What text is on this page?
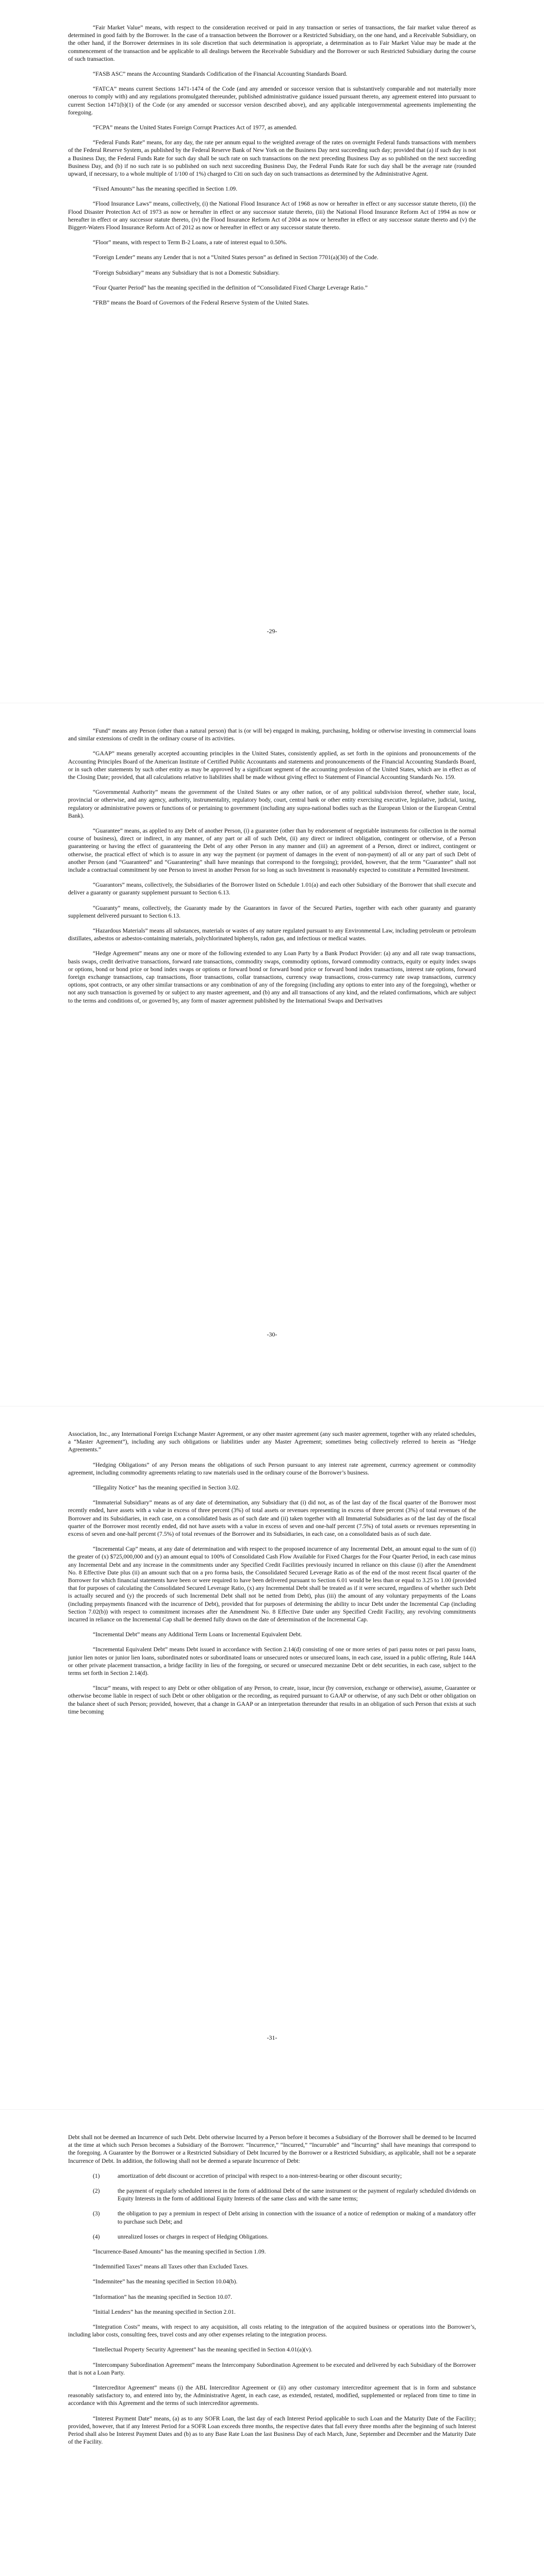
“Fair Market Value” means, with respect to the consideration received or paid in any transaction or series of transactions, the fair market value thereof as determined in good faith by the Borrower. In the case of a transaction between the Borrower or a Restricted Subsidiary, on the one hand, and a Receivable Subsidiary, on the other hand, if the Borrower determines in its sole discretion that such determination is appropriate, a determination as to Fair Market Value may be made at the commencement of the transaction and be applicable to all dealings between the Receivable Subsidiary and the Borrower or such Restricted Subsidiary during the course of such transaction.

“FASB ASC” means the Accounting Standards Codification of the Financial Accounting Standards Board.

“FATCA” means current Sections 1471-1474 of the Code (and any amended or successor version that is substantively comparable and not materially more onerous to comply with) and any regulations promulgated thereunder, published administrative guidance issued pursuant thereto, any agreement entered into pursuant to current Section 1471(b)(1) of the Code (or any amended or successor version described above), and any applicable intergovernmental agreements implementing the foregoing.

“FCPA” means the United States Foreign Corrupt Practices Act of 1977, as amended.

“Federal Funds Rate” means, for any day, the rate per annum equal to the weighted average of the rates on overnight Federal funds transactions with members of the Federal Reserve System, as published by the Federal Reserve Bank of New York on the Business Day next succeeding such day; provided that (a) if such day is not a Business Day, the Federal Funds Rate for such day shall be such rate on such transactions on the next preceding Business Day as so published on the next succeeding Business Day, and (b) if no such rate is so published on such next succeeding Business Day, the Federal Funds Rate for such day shall be the average rate (rounded upward, if necessary, to a whole multiple of 1/100 of 1%) charged to Citi on such day on such transactions as determined by the Administrative Agent.

“Fixed Amounts” has the meaning specified in Section 1.09.

“Flood Insurance Laws” means, collectively, (i) the National Flood Insurance Act of 1968 as now or hereafter in effect or any successor statute thereto, (ii) the Flood Disaster Protection Act of 1973 as now or hereafter in effect or any successor statute thereto, (iii) the National Flood Insurance Reform Act of 1994 as now or hereafter in effect or any successor statute thereto, (iv) the Flood Insurance Reform Act of 2004 as now or hereafter in effect or any successor statute thereto and (v) the Biggert-Waters Flood Insurance Reform Act of 2012 as now or hereafter in effect or any successor statute thereto.

“Floor” means, with respect to Term B-2 Loans, a rate of interest equal to 0.50%.

“Foreign Lender” means any Lender that is not a “United States person” as defined in Section 7701(a)(30) of the Code.

“Foreign Subsidiary” means any Subsidiary that is not a Domestic Subsidiary.

“Four Quarter Period” has the meaning specified in the definition of “Consolidated Fixed Charge Leverage Ratio.”

“FRB” means the Board of Governors of the Federal Reserve System of the United States.

-29-

“Fund” means any Person (other than a natural person) that is (or will be) engaged in making, purchasing, holding or otherwise investing in commercial loans and similar extensions of credit in the ordinary course of its activities.

“GAAP” means generally accepted accounting principles in the United States, consistently applied, as set forth in the opinions and pronouncements of the Accounting Principles Board of the American Institute of Certified Public Accountants and statements and pronouncements of the Financial Accounting Standards Board, or in such other statements by such other entity as may be approved by a significant segment of the accounting profession of the United States, which are in effect as of the Closing Date; provided, that all calculations relative to liabilities shall be made without giving effect to Statement of Financial Accounting Standards No. 159.

“Governmental Authority” means the government of the United States or any other nation, or of any political subdivision thereof, whether state, local, provincial or otherwise, and any agency, authority, instrumentality, regulatory body, court, central bank or other entity exercising executive, legislative, judicial, taxing, regulatory or administrative powers or functions of or pertaining to government (including any supra-national bodies such as the European Union or the European Central Bank).

“Guarantee” means, as applied to any Debt of another Person, (i) a guarantee (other than by endorsement of negotiable instruments for collection in the normal course of business), direct or indirect, in any manner, of any part or all of such Debt, (ii) any direct or indirect obligation, contingent or otherwise, of a Person guaranteeing or having the effect of guaranteeing the Debt of any other Person in any manner and (iii) an agreement of a Person, direct or indirect, contingent or otherwise, the practical effect of which is to assure in any way the payment (or payment of damages in the event of non-payment) of all or any part of such Debt of another Person (and “Guaranteed” and “Guaranteeing” shall have meanings that correspond to the foregoing); provided, however, that the term “Guarantee” shall not include a contractual commitment by one Person to invest in another Person for so long as such Investment is reasonably expected to constitute a Permitted Investment.

“Guarantors” means, collectively, the Subsidiaries of the Borrower listed on Schedule 1.01(a) and each other Subsidiary of the Borrower that shall execute and deliver a guaranty or guaranty supplement pursuant to Section 6.13.

“Guaranty” means, collectively, the Guaranty made by the Guarantors in favor of the Secured Parties, together with each other guaranty and guaranty supplement delivered pursuant to Section 6.13.

“Hazardous Materials” means all substances, materials or wastes of any nature regulated pursuant to any Environmental Law, including petroleum or petroleum distillates, asbestos or asbestos-containing materials, polychlorinated biphenyls, radon gas, and infectious or medical wastes.

“Hedge Agreement” means any one or more of the following extended to any Loan Party by a Bank Product Provider: (a) any and all rate swap transactions, basis swaps, credit derivative transactions, forward rate transactions, commodity swaps, commodity options, forward commodity contracts, equity or equity index swaps or options, bond or bond price or bond index swaps or options or forward bond or forward bond price or forward bond index transactions, interest rate options, forward foreign exchange transactions, cap transactions, floor transactions, collar transactions, currency swap transactions, cross-currency rate swap transactions, currency options, spot contracts, or any other similar transactions or any combination of any of the foregoing (including any options to enter into any of the foregoing), whether or not any such transaction is governed by or subject to any master agreement, and (b) any and all transactions of any kind, and the related confirmations, which are subject to the terms and conditions of, or governed by, any form of master agreement published by the International Swaps and Derivatives

-30-

Association, Inc., any International Foreign Exchange Master Agreement, or any other master agreement (any such master agreement, together with any related schedules, a “Master Agreement”), including any such obligations or liabilities under any Master Agreement; sometimes being collectively referred to herein as “Hedge Agreements.”

“Hedging Obligations” of any Person means the obligations of such Person pursuant to any interest rate agreement, currency agreement or commodity agreement, including commodity agreements relating to raw materials used in the ordinary course of the Borrower’s business.

“Illegality Notice” has the meaning specified in Section 3.02.

“Immaterial Subsidiary” means as of any date of determination, any Subsidiary that (i) did not, as of the last day of the fiscal quarter of the Borrower most recently ended, have assets with a value in excess of three percent (3%) of total assets or revenues representing in excess of three percent (3%) of total revenues of the Borrower and its Subsidiaries, in each case, on a consolidated basis as of such date and (ii) taken together with all Immaterial Subsidiaries as of the last day of the fiscal quarter of the Borrower most recently ended, did not have assets with a value in excess of seven and one-half percent (7.5%) of total assets or revenues representing in excess of seven and one-half percent (7.5%) of total revenues of the Borrower and its Subsidiaries, in each case, on a consolidated basis as of such date.

“Incremental Cap” means, at any date of determination and with respect to the proposed incurrence of any Incremental Debt, an amount equal to the sum of (i) the greater of (x) $725,000,000 and (y) an amount equal to 100% of Consolidated Cash Flow Available for Fixed Charges for the Four Quarter Period, in each case minus any Incremental Debt and any increase in the commitments under any Specified Credit Facilities previously incurred in reliance on this clause (i) after the Amendment No. 8 Effective Date plus (ii) an amount such that on a pro forma basis, the Consolidated Secured Leverage Ratio as of the end of the most recent fiscal quarter of the Borrower for which financial statements have been or were required to have been delivered pursuant to Section 6.01 would be less than or equal to 3.25 to 1.00 (provided that for purposes of calculating the Consolidated Secured Leverage Ratio, (x) any Incremental Debt shall be treated as if it were secured, regardless of whether such Debt is actually secured and (y) the proceeds of such Incremental Debt shall not be netted from Debt), plus (iii) the amount of any voluntary prepayments of the Loans (including prepayments financed with the incurrence of Debt), provided that for purposes of determining the ability to incur Debt under the Incremental Cap (including Section 7.02(b)) with respect to commitment increases after the Amendment No. 8 Effective Date under any Specified Credit Facility, any revolving commitments incurred in reliance on the Incremental Cap shall be deemed fully drawn on the date of determination of the Incremental Cap.

“Incremental Debt” means any Additional Term Loans or Incremental Equivalent Debt.

“Incremental Equivalent Debt” means Debt issued in accordance with Section 2.14(d) consisting of one or more series of pari passu notes or pari passu loans, junior lien notes or junior lien loans, subordinated notes or subordinated loans or unsecured notes or unsecured loans, in each case, issued in a public offering, Rule 144A or other private placement transaction, a bridge facility in lieu of the foregoing, or secured or unsecured mezzanine Debt or debt securities, in each case, subject to the terms set forth in Section 2.14(d).

“Incur” means, with respect to any Debt or other obligation of any Person, to create, issue, incur (by conversion, exchange or otherwise), assume, Guarantee or otherwise become liable in respect of such Debt or other obligation or the recording, as required pursuant to GAAP or otherwise, of any such Debt or other obligation on the balance sheet of such Person; provided, however, that a change in GAAP or an interpretation thereunder that results in an obligation of such Person that exists at such time becoming

-31-

Debt shall not be deemed an Incurrence of such Debt. Debt otherwise Incurred by a Person before it becomes a Subsidiary of the Borrower shall be deemed to be Incurred at the time at which such Person becomes a Subsidiary of the Borrower. “Incurrence,” “Incurred,” “Incurrable” and “Incurring” shall have meanings that correspond to the foregoing. A Guarantee by the Borrower or a Restricted Subsidiary of Debt Incurred by the Borrower or a Restricted Subsidiary, as applicable, shall not be a separate Incurrence of Debt. In addition, the following shall not be deemed a separate Incurrence of Debt:

(1)	amortization of debt discount or accretion of principal with respect to a non-interest-bearing or other discount security;

(2)	the payment of regularly scheduled interest in the form of additional Debt of the same instrument or the payment of regularly scheduled dividends on Equity Interests in the form of additional Equity Interests of the same class and with the same terms;

(3)	the obligation to pay a premium in respect of Debt arising in connection with the issuance of a notice of redemption or making of a mandatory offer to purchase such Debt; and

(4)	unrealized losses or charges in respect of Hedging Obligations.

“Incurrence-Based Amounts” has the meaning specified in Section 1.09.

“Indemnified Taxes” means all Taxes other than Excluded Taxes.

“Indemnitee” has the meaning specified in Section 10.04(b).

“Information” has the meaning specified in Section 10.07.

“Initial Lenders” has the meaning specified in Section 2.01.

“Integration Costs” means, with respect to any acquisition, all costs relating to the integration of the acquired business or operations into the Borrower’s, including labor costs, consulting fees, travel costs and any other expenses relating to the integration process.

“Intellectual Property Security Agreement” has the meaning specified in Section 4.01(a)(v).

“Intercompany Subordination Agreement” means the Intercompany Subordination Agreement to be executed and delivered by each Subsidiary of the Borrower that is not a Loan Party.

“Intercreditor Agreement” means (i) the ABL Intercreditor Agreement or (ii) any other customary intercreditor agreement that is in form and substance reasonably satisfactory to, and entered into by, the Administrative Agent, in each case, as extended, restated, modified, supplemented or replaced from time to time in accordance with this Agreement and the terms of such intercreditor agreements.

“Interest Payment Date” means, (a) as to any SOFR Loan, the last day of each Interest Period applicable to such Loan and the Maturity Date of the Facility; provided, however, that if any Interest Period for a SOFR Loan exceeds three months, the respective dates that fall every three months after the beginning of such Interest Period shall also be Interest Payment Dates and (b) as to any Base Rate Loan the last Business Day of each March, June, September and December and the Maturity Date of the Facility.
